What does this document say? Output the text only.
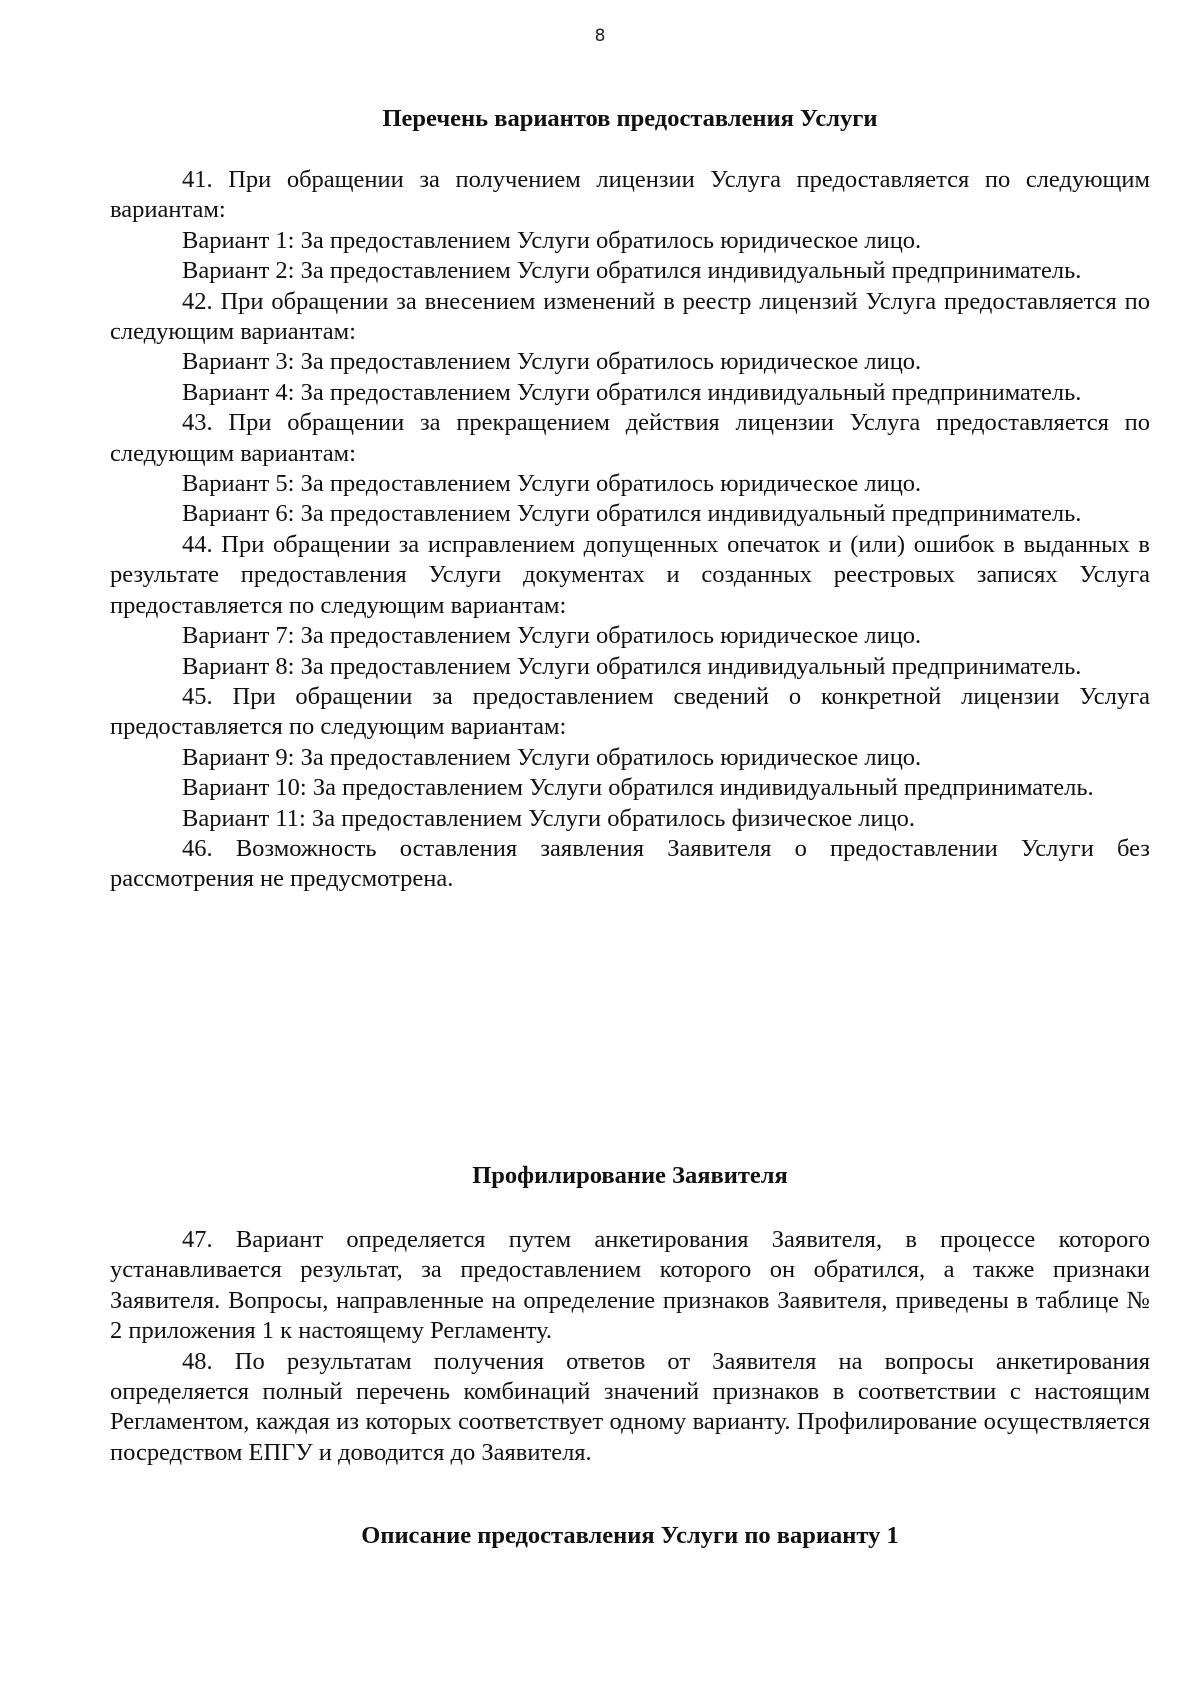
8
Перечень вариантов предоставления Услуги

41. При обращении за получением лицензии Услуга предоставляется по следующим вариантам:

Вариант 1: За предоставлением Услуги обратилось юридическое лицо.

Вариант 2: За предоставлением Услуги обратился индивидуальный предприниматель.

42. При обращении за внесением изменений в реестр лицензий Услуга предоставляется по следующим вариантам:

Вариант 3: За предоставлением Услуги обратилось юридическое лицо.

Вариант 4: За предоставлением Услуги обратился индивидуальный предприниматель.

43. При обращении за прекращением действия лицензии Услуга предоставляется по следующим вариантам:

Вариант 5: За предоставлением Услуги обратилось юридическое лицо.

Вариант 6: За предоставлением Услуги обратился индивидуальный предприниматель.

44. При обращении за исправлением допущенных опечаток и (или) ошибок в выданных в результате предоставления Услуги документах и созданных реестровых записях Услуга предоставляется по следующим вариантам:

Вариант 7: За предоставлением Услуги обратилось юридическое лицо.

Вариант 8: За предоставлением Услуги обратился индивидуальный предприниматель.

45. При обращении за предоставлением сведений о конкретной лицензии Услуга предоставляется по следующим вариантам:

Вариант 9: За предоставлением Услуги обратилось юридическое лицо.

Вариант 10: За предоставлением Услуги обратился индивидуальный предприниматель.

Вариант 11: За предоставлением Услуги обратилось физическое лицо.

46. Возможность оставления заявления Заявителя о предоставлении Услуги без рассмотрения не предусмотрена.

Профилирование Заявителя

47. Вариант определяется путем анкетирования Заявителя, в процессе которого устанавливается результат, за предоставлением которого он обратился, а также признаки Заявителя. Вопросы, направленные на определение признаков Заявителя, приведены в таблице № 2 приложения 1 к настоящему Регламенту.

48. По результатам получения ответов от Заявителя на вопросы анкетирования определяется полный перечень комбинаций значений признаков в соответствии с настоящим Регламентом, каждая из которых соответствует одному варианту. Профилирование осуществляется посредством ЕПГУ и доводится до Заявителя.

Описание предоставления Услуги по варианту 1
